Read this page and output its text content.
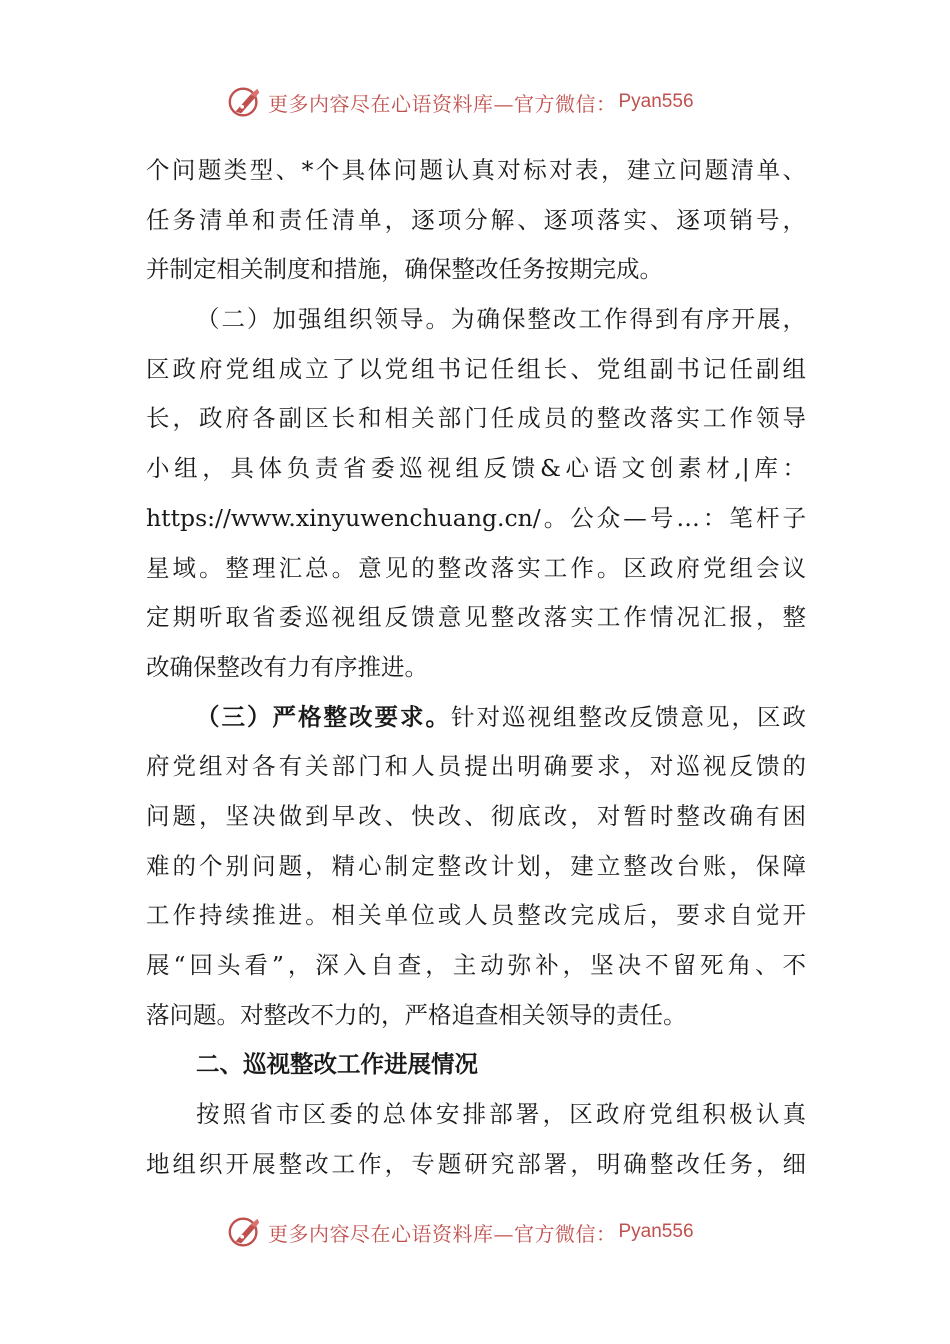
更多内容尽在心语资料库 —官方微信： Pyan556
个问题类型、*个具体问题认真对标对表，建立问题清单、
任务清单和责任清单，逐项分解、逐项落实、逐项销号，
并制定相关制度和措施，确保整改任务按期完成。
（二）加强组织领导。为确保整改工作得到有序开展，
区政府党组成立了以党组书记任组长、党组副书记任副组
长，政府各副区长和相关部门任成员的整改落实工作领导
小组，具体负责省委巡视组反馈&心语文创素材,|库：
https://www.xinyuwenchuang.cn/。公众—号…：笔杆子
星域。整理汇总。意见的整改落实工作。区政府党组会议
定期听取省委巡视组反馈意见整改落实工作情况汇报，整
改确保整改有力有序推进。
（三）严格整改要求。针对巡视组整改反馈意见，区政
府党组对各有关部门和人员提出明确要求，对巡视反馈的
问题，坚决做到早改、快改、彻底改，对暂时整改确有困
难的个别问题，精心制定整改计划，建立整改台账，保障
工作持续推进。相关单位或人员整改完成后，要求自觉开
展“回头看”，深入自查，主动弥补，坚决不留死角、不
落问题。对整改不力的，严格追查相关领导的责任。
二、巡视整改工作进展情况
按照省市区委的总体安排部署，区政府党组积极认真
地组织开展整改工作，专题研究部署，明确整改任务，细
更多内容尽在心语资料库 —官方微信： Pyan556
